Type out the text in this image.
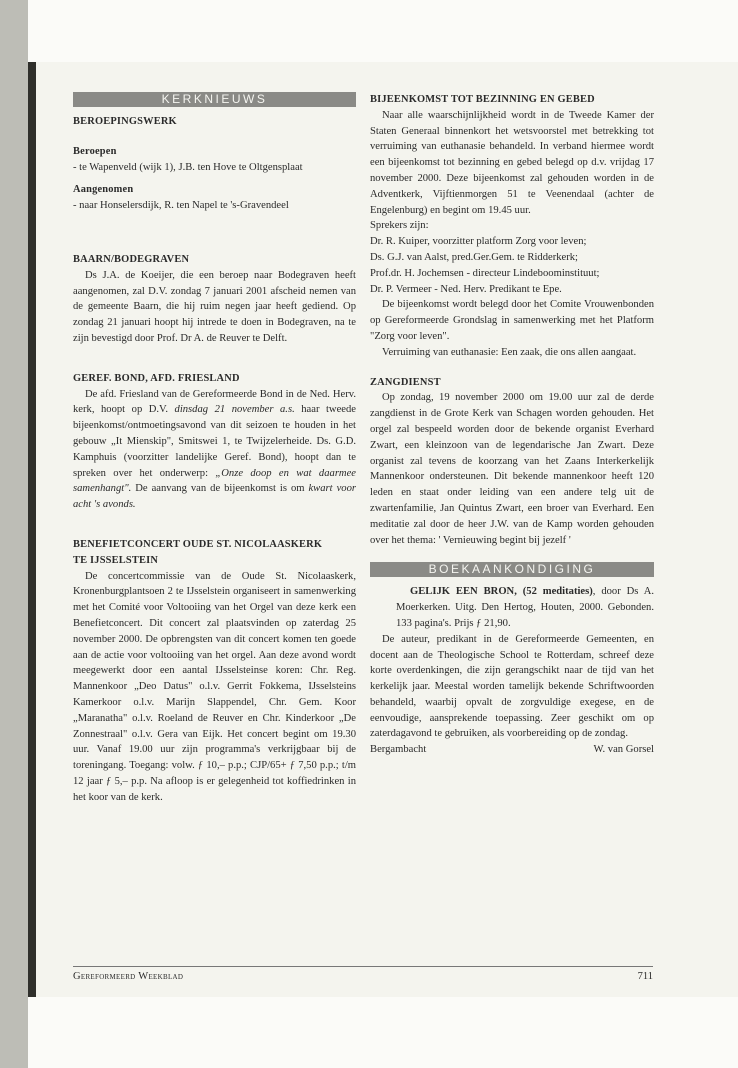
KERKNIEUWS
BEROEPINGSWERK
Beroepen

- te Wapenveld (wijk 1), J.B. ten Hove te Oltgensplaat

Aangenomen

- naar Honselersdijk, R. ten Napel te 's-Gravendeel

BAARN/BODEGRAVEN

Ds J.A. de Koeijer, die een beroep naar Bodegraven heeft aangenomen, zal D.V. zondag 7 januari 2001 afscheid nemen van de gemeente Baarn, die hij ruim negen jaar heeft gediend. Op zondag 21 januari hoopt hij intrede te doen in Bodegraven, na te zijn bevestigd door Prof. Dr A. de Reuver te Delft.

GEREF. BOND, AFD. FRIESLAND

De afd. Friesland van de Gereformeerde Bond in de Ned. Herv. kerk, hoopt op D.V. dinsdag 21 november a.s. haar tweede bijeenkomst/ontmoetingsavond van dit seizoen te houden in het gebouw „It Mienskip", Smitswei 1, te Twijzelerheide. Ds. G.D. Kamphuis (voorzitter landelijke Geref. Bond), hoopt dan te spreken over het onderwerp: „Onze doop en wat daarmee samenhangt". De aanvang van de bijeenkomst is om kwart voor acht 's avonds.

BENEFIETCONCERT OUDE ST. NICOLAASKERK
TE IJSSELSTEIN

De concertcommissie van de Oude St. Nicolaaskerk, Kronenburgplantsoen 2 te IJsselstein organiseert in samenwerking met het Comité voor Voltooiing van het Orgel van deze kerk een Benefietconcert. Dit concert zal plaatsvinden op zaterdag 25 november 2000. De opbrengsten van dit concert komen ten goede aan de actie voor voltooiing van het orgel. Aan deze avond wordt meegewerkt door een aantal IJsselsteinse koren: Chr. Reg. Mannenkoor „Deo Datus" o.l.v. Gerrit Fokkema, IJsselsteins Kamerkoor o.l.v. Marijn Slappendel, Chr. Gem. Koor „Maranatha" o.l.v. Roeland de Reuver en Chr. Kinderkoor „De Zonnestraal" o.l.v. Gera van Eijk. Het concert begint om 19.30 uur. Vanaf 19.00 uur zijn programma's verkrijgbaar bij de toreningang. Toegang: volw. ƒ 10,– p.p.; CJP/65+ ƒ 7,50 p.p.; t/m 12 jaar ƒ 5,– p.p. Na afloop is er gelegenheid tot koffiedrinken in het koor van de kerk.

BIJEENKOMST TOT BEZINNING EN GEBED

Naar alle waarschijnlijkheid wordt in de Tweede Kamer der Staten Generaal binnenkort het wetsvoorstel met betrekking tot verruiming van euthanasie behandeld. In verband hiermee wordt een bijeenkomst tot bezinning en gebed belegd op d.v. vrijdag 17 november 2000. Deze bijeenkomst zal gehouden worden in de Adventkerk, Vijftienmorgen 51 te Veenendaal (achter de Engelenburg) en begint om 19.45 uur.

Sprekers zijn:

Dr. R. Kuiper, voorzitter platform Zorg voor leven;

Ds. G.J. van Aalst, pred.Ger.Gem. te Ridderkerk;

Prof.dr. H. Jochemsen - directeur Lindeboominstituut;

Dr. P. Vermeer - Ned. Herv. Predikant te Epe.

De bijeenkomst wordt belegd door het Comite Vrouwenbonden op Gereformeerde Grondslag in samenwerking met het Platform "Zorg voor leven".

Verruiming van euthanasie: Een zaak, die ons allen aangaat.

ZANGDIENST

Op zondag, 19 november 2000 om 19.00 uur zal de derde zangdienst in de Grote Kerk van Schagen worden gehouden. Het orgel zal bespeeld worden door de bekende organist Everhard Zwart, een kleinzoon van de legendarische Jan Zwart. Deze organist zal tevens de koorzang van het Zaans Interkerkelijk Mannenkoor ondersteunen. Dit bekende mannenkoor heeft 120 leden en staat onder leiding van een andere telg uit de zwartenfamilie, Jan Quintus Zwart, een broer van Everhard. Een meditatie zal door de heer J.W. van de Kamp worden gehouden over het thema: ' Vernieuwing begint bij jezelf '

BOEKAANKONDIGING

GELIJK EEN BRON, (52 meditaties), door Ds A. Moerkerken. Uitg. Den Hertog, Houten, 2000. Gebonden. 133 pagina's. Prijs ƒ 21,90.

De auteur, predikant in de Gereformeerde Gemeenten, en docent aan de Theologische School te Rotterdam, schreef deze korte overdenkingen, die zijn gerangschikt naar de tijd van het kerkelijk jaar. Meestal worden tamelijk bekende Schriftwoorden behandeld, waarbij opvalt de zorgvuldige exegese, en de eenvoudige, aansprekende toepassing. Zeer geschikt om op zaterdagavond te gebruiken, als voorbereiding op de zondag.

Bergambacht	W. van Gorsel
Gereformeerd Weekblad	711
